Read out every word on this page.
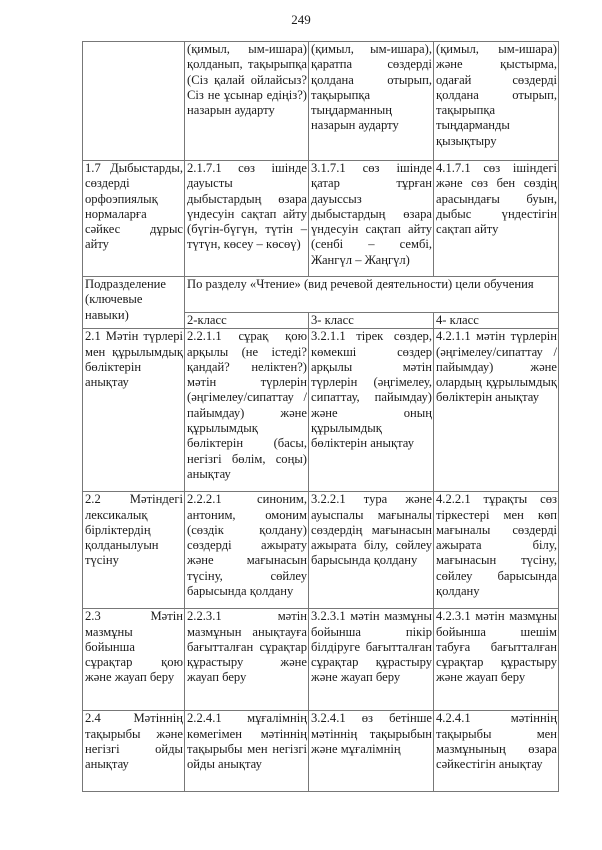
249
	(қимыл, ым-ишара) қолданып, тақырыпқа (Сіз қалай ойлайсыз? Сіз не ұсынар едіңіз?) назарын аударту	(қимыл, ым-ишара), қаратпа сөздерді қолдана отырып, тақырыпқа тыңдарманның назарын аударту	(қимыл, ым-ишара) және қыстырма, одағай сөздерді қолдана отырып, тақырыпқа тыңдарманды қызықтыру
1.7 Дыбыстарды, сөздерді орфоэпиялық нормаларға сәйкес дұрыс айту	2.1.7.1 сөз ішінде дауысты дыбыстардың өзара үндесуін сақтап айту (бүгін-бүгүн, түтін – түтүн, көсеу – көсөү)	3.1.7.1 сөз ішінде қатар тұрған дауыссыз дыбыстардың өзара үндесуін сақтап айту (сенбі – сембі, Жангүл – Жаңгүл)	4.1.7.1 сөз ішіндегі және сөз бен сөздің арасындағы буын, дыбыс үндестігін сақтап айту
Подразделение (ключевые навыки)	По разделу «Чтение» (вид речевой деятельности) цели обучения		
	2-класс	3- класс	4- класс
2.1 Мәтін түрлері мен құрылымдық бөліктерін анықтау	2.2.1.1 сұрақ қою арқылы (не істеді? қандай? неліктен?) мәтін түрлерін (әңгімелеу/сипаттау / пайымдау) және құрылымдық бөліктерін (басы, негізгі бөлім, соңы) анықтау	3.2.1.1 тірек сөздер, көмекші сөздер арқылы мәтін түрлерін (әңгімелеу, сипаттау, пайымдау) және оның құрылымдық бөліктерін анықтау	4.2.1.1 мәтін түрлерін (әңгімелеу/сипаттау / пайымдау) және олардың құрылымдық бөліктерін анықтау
2.2 Мәтіндегі лексикалық бірліктердің қолданылуын түсіну	2.2.2.1 синоним, антоним, омоним (сөздік қолдану) сөздерді ажырату және мағынасын түсіну, сөйлеу барысында қолдану	3.2.2.1 тура және ауыспалы мағыналы сөздердің мағынасын ажырата білу, сөйлеу барысында қолдану	4.2.2.1 тұрақты сөз тіркестері мен көп мағыналы сөздерді ажырата білу, мағынасын түсіну, сөйлеу барысында қолдану
2.3 Мәтін мазмұны бойынша сұрақтар қою және жауап беру	2.2.3.1 мәтін мазмұнын анықтауға бағытталған сұрақтар құрастыру және жауап беру	3.2.3.1 мәтін мазмұны бойынша пікір білдіруге бағытталған сұрақтар құрастыру және жауап беру	4.2.3.1 мәтін мазмұны бойынша шешім табуға бағытталған сұрақтар құрастыру және жауап беру
2.4 Мәтіннің тақырыбы және негізгі ойды анықтау	2.2.4.1 мұғалімнің көмегімен мәтіннің тақырыбы мен негізгі ойды анықтау	3.2.4.1 өз бетінше мәтіннің тақырыбын және мұғалімнің	4.2.4.1 мәтіннің тақырыбы мен мазмұнының өзара сәйкестігін анықтау
